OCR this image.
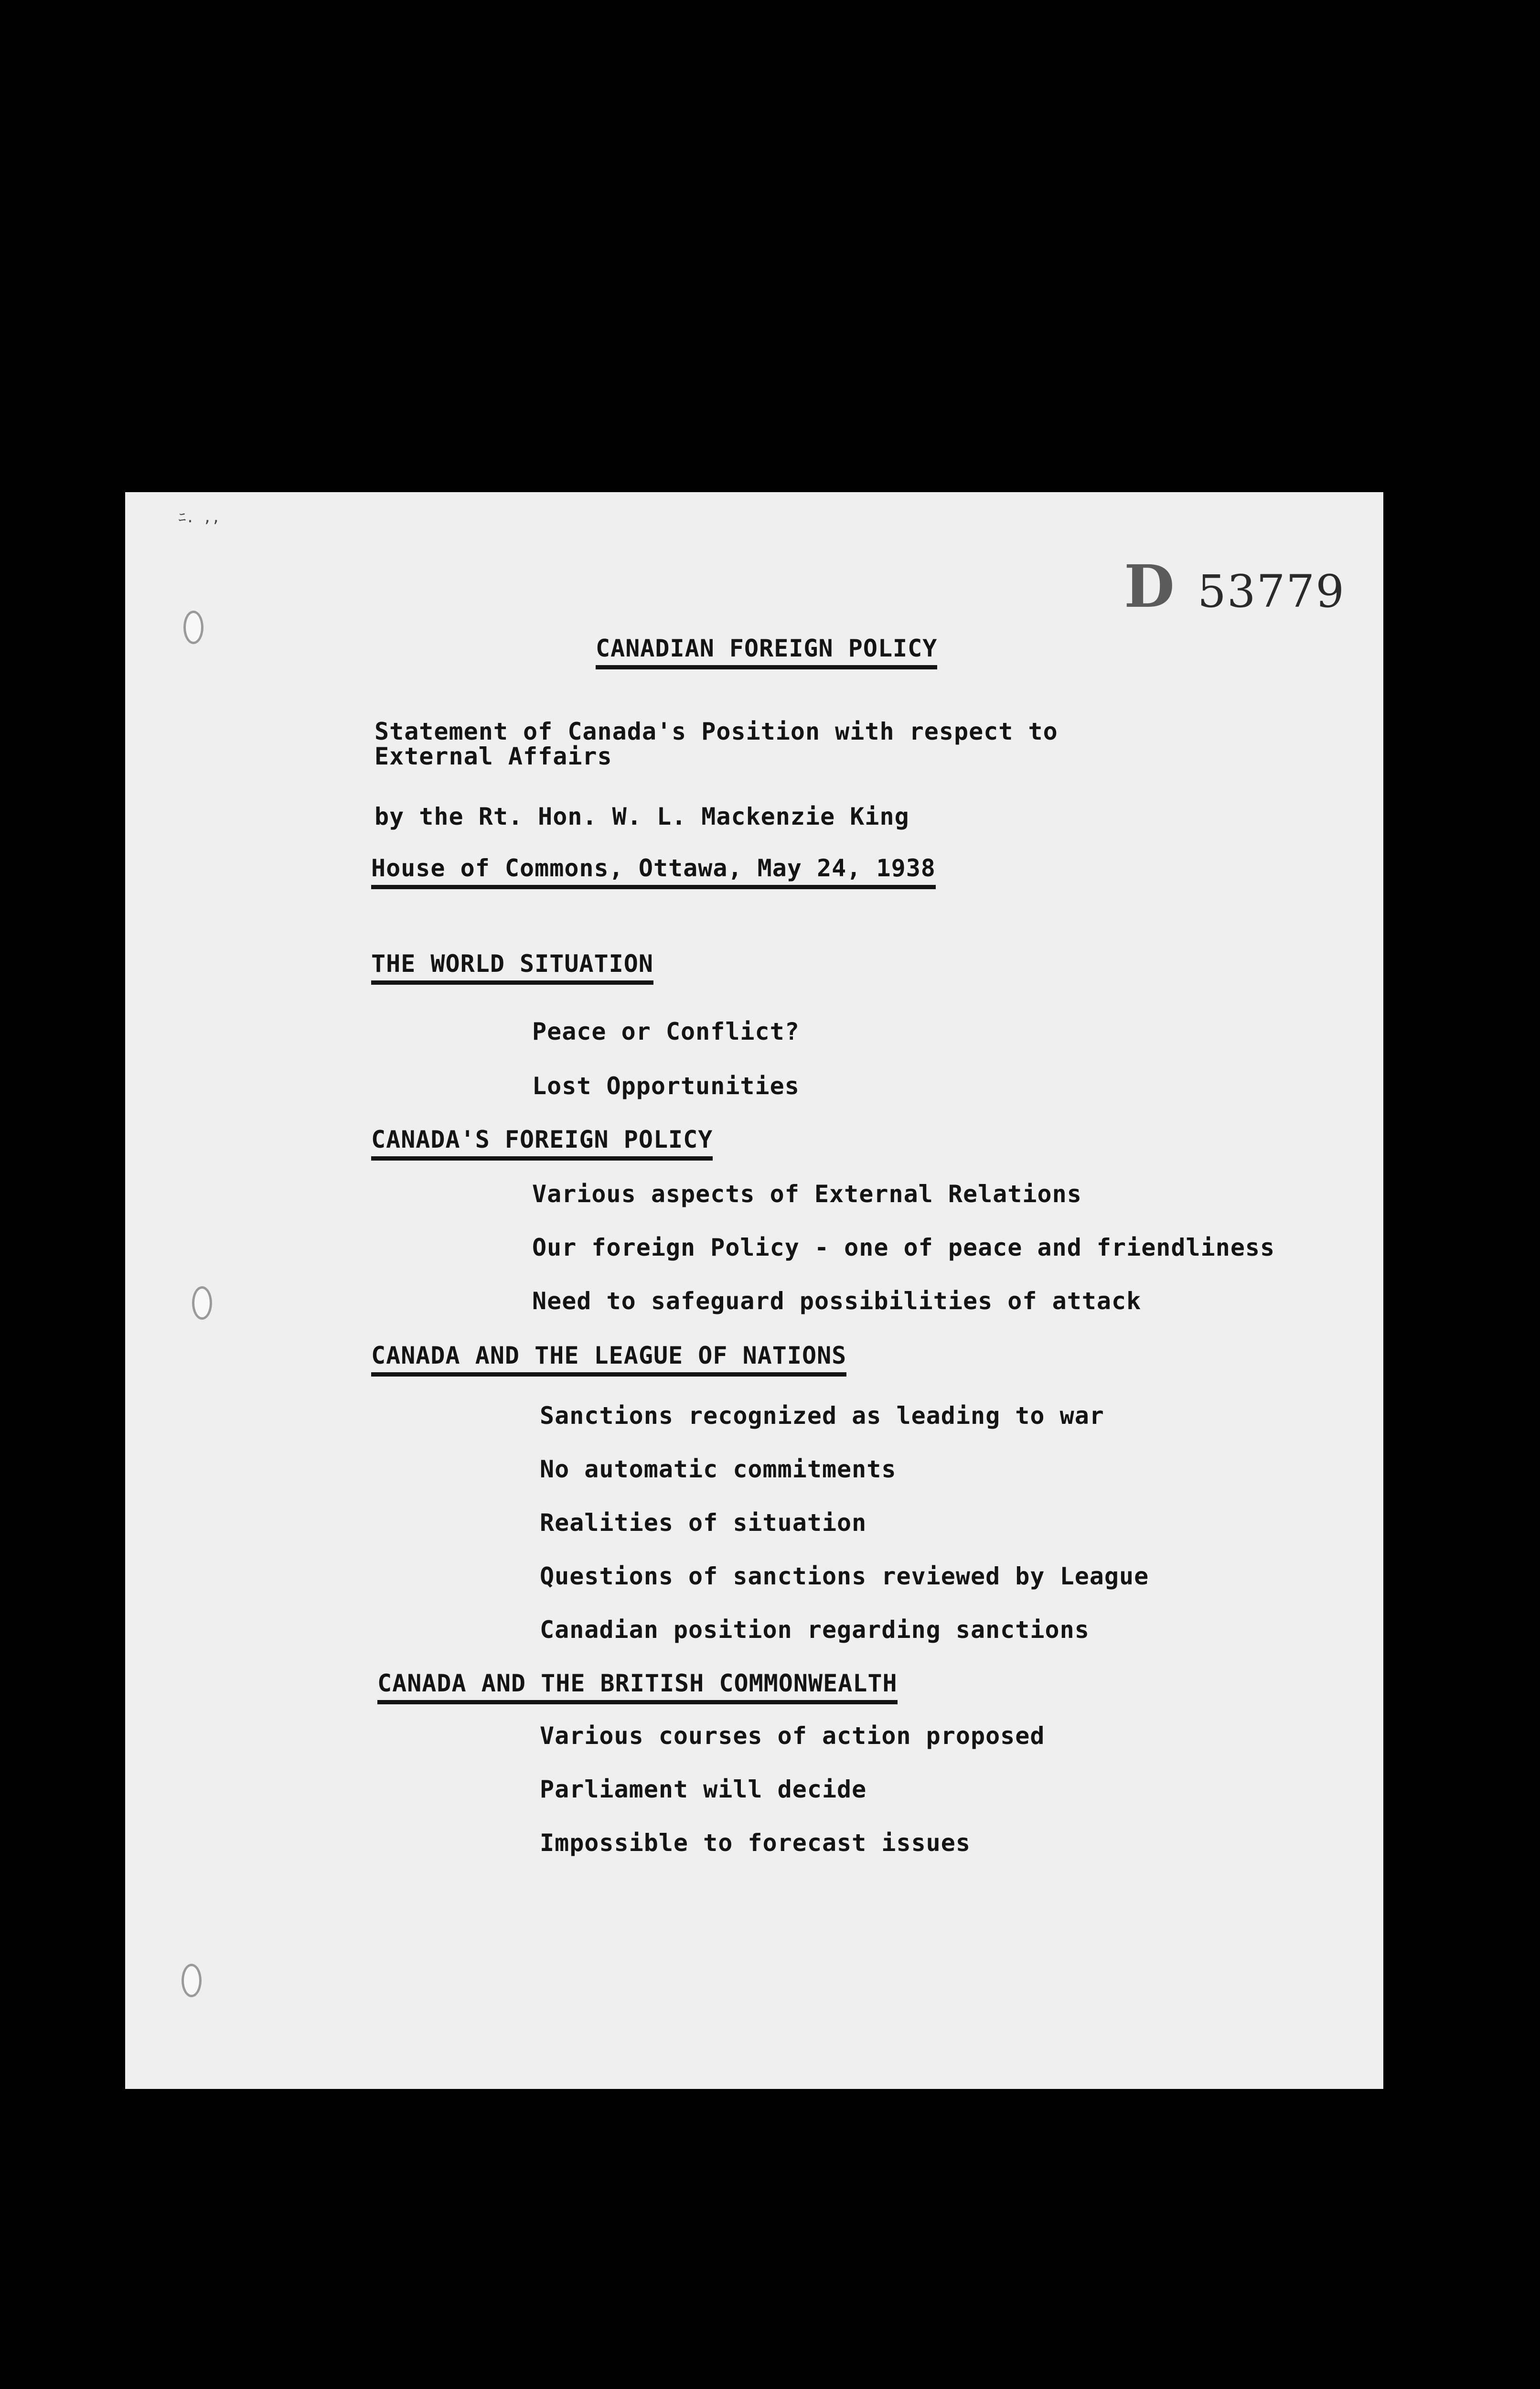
ﾆ. ,,
D 53779
CANADIAN FOREIGN POLICY
Statement of Canada's Position with respect to
External Affairs
by the Rt. Hon. W. L. Mackenzie King
House of Commons, Ottawa, May 24, 1938
THE WORLD SITUATION
Peace or Conflict?
Lost Opportunities
CANADA'S FOREIGN POLICY
Various aspects of External Relations
Our foreign Policy - one of peace and friendliness
Need to safeguard possibilities of attack
CANADA AND THE LEAGUE OF NATIONS
Sanctions recognized as leading to war
No automatic commitments
Realities of situation
Questions of sanctions reviewed by League
Canadian position regarding sanctions
CANADA AND THE BRITISH COMMONWEALTH
Various courses of action proposed
Parliament will decide
Impossible to forecast issues
